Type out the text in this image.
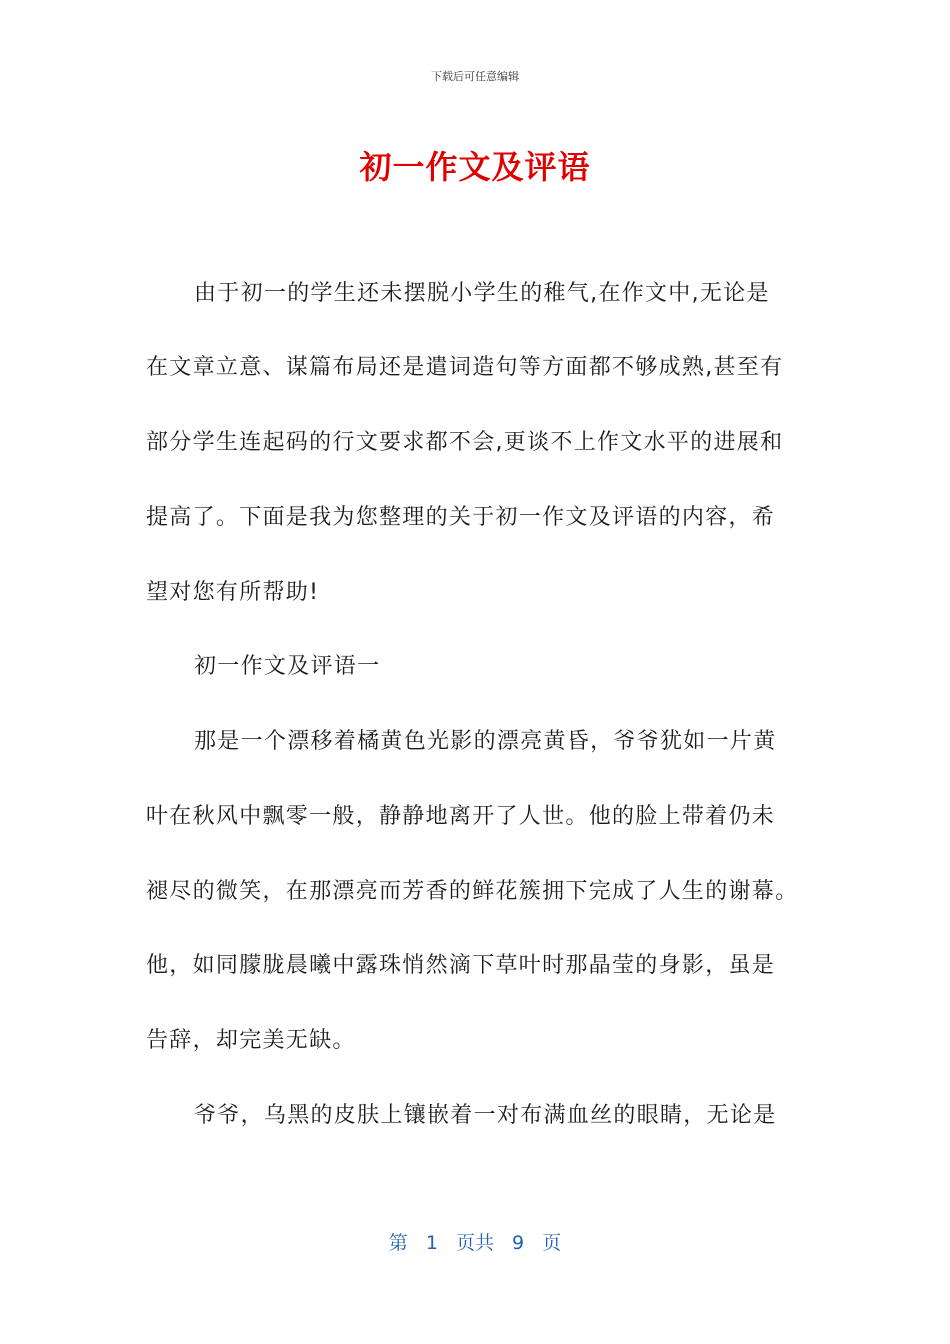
下载后可任意编辑
初一作文及评语
由于初一的学生还未摆脱小学生的稚气,在作文中,无论是
在文章立意、谋篇布局还是遣词造句等方面都不够成熟,甚至有
部分学生连起码的行文要求都不会,更谈不上作文水平的进展和
提高了。下面是我为您整理的关于初一作文及评语的内容，希
望对您有所帮助!
初一作文及评语一
那是一个漂移着橘黄色光影的漂亮黄昏，爷爷犹如一片黄
叶在秋风中飘零一般，静静地离开了人世。他的脸上带着仍未
褪尽的微笑，在那漂亮而芳香的鲜花簇拥下完成了人生的谢幕。
他，如同朦胧晨曦中露珠悄然滴下草叶时那晶莹的身影，虽是
告辞，却完美无缺。
爷爷，乌黑的皮肤上镶嵌着一对布满血丝的眼睛，无论是
第 1 页共 9 页
